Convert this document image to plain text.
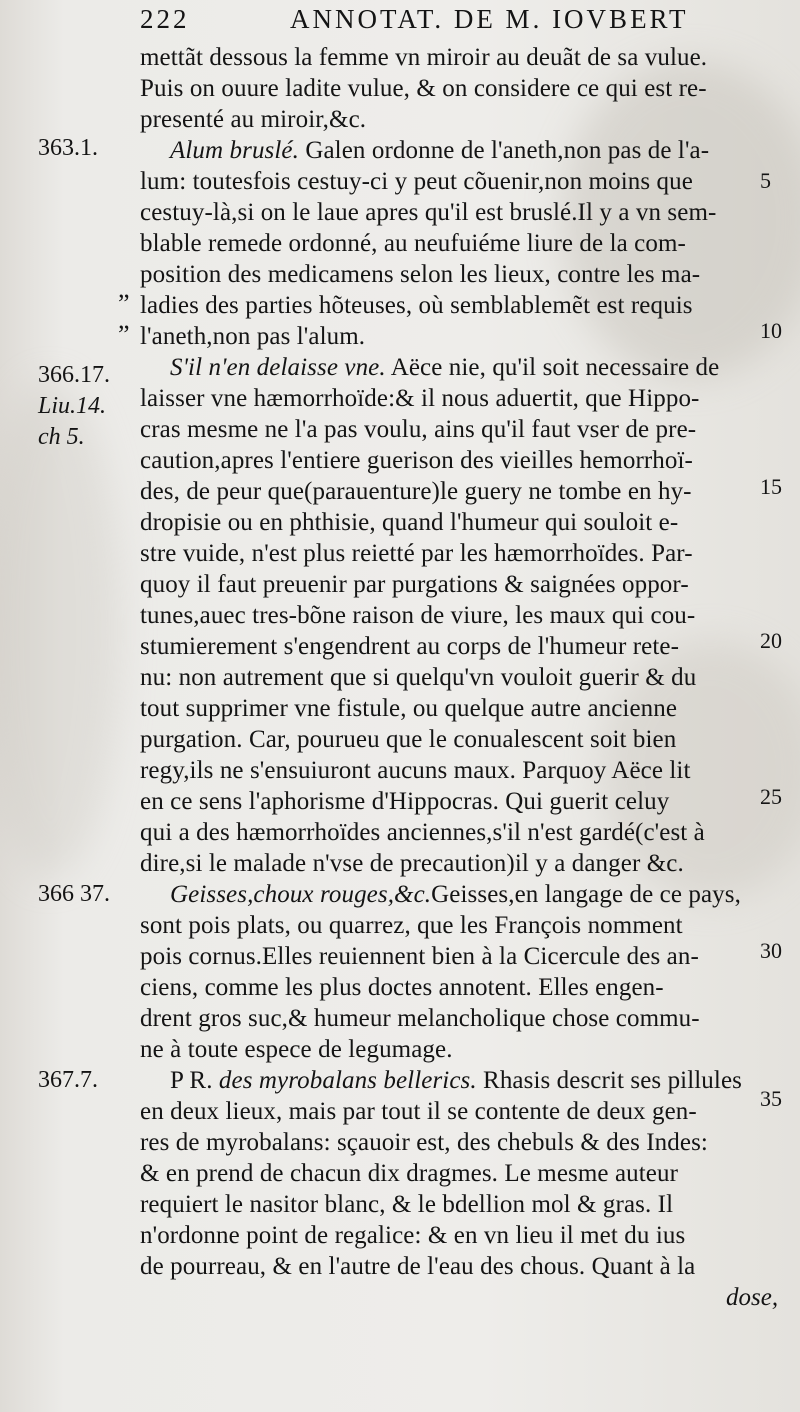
222	ANNOTAT. DE M. IOVBERT
363.1.
366.17.
Liu.14.
ch 5.
366 37.
367.7.
„
„
5
10
15
20
25
30
35
mettãt dessous la femme vn miroir au deuãt de sa vulue.
Puis on ouure ladite vulue, & on considere ce qui est re-
presenté au miroir,&c.
Alum bruslé. Galen ordonne de l'aneth,non pas de l'a-
lum: toutesfois cestuy-ci y peut cõuenir,non moins que
cestuy-là,si on le laue apres qu'il est bruslé.Il y a vn sem-
blable remede ordonné, au neufuiéme liure de la com-
position des medicamens selon les lieux, contre les ma-
ladies des parties hõteuses, où semblablemẽt est requis
l'aneth,non pas l'alum.
S'il n'en delaisse vne. Aëce nie, qu'il soit necessaire de
laisser vne hæmorrhoïde:& il nous aduertit, que Hippo-
cras mesme ne l'a pas voulu, ains qu'il faut vser de pre-
caution,apres l'entiere guerison des vieilles hemorrhoï-
des, de peur que(parauenture)le guery ne tombe en hy-
dropisie ou en phthisie, quand l'humeur qui souloit e-
stre vuide, n'est plus reietté par les hæmorrhoïdes. Par-
quoy il faut preuenir par purgations & saignées oppor-
tunes,auec tres-bõne raison de viure, les maux qui cou-
stumierement s'engendrent au corps de l'humeur rete-
nu: non autrement que si quelqu'vn vouloit guerir & du
tout supprimer vne fistule, ou quelque autre ancienne
purgation. Car, pourueu que le conualescent soit bien
regy,ils ne s'ensuiuront aucuns maux. Parquoy Aëce lit
en ce sens l'aphorisme d'Hippocras. Qui guerit celuy
qui a des hæmorrhoïdes anciennes,s'il n'est gardé(c'est à
dire,si le malade n'vse de precaution)il y a danger &c.
Geisses,choux rouges,&c.Geisses,en langage de ce pays,
sont pois plats, ou quarrez, que les François nomment
pois cornus.Elles reuiennent bien à la Cicercule des an-
ciens, comme les plus doctes annotent. Elles engen-
drent gros suc,& humeur melancholique chose commu-
ne à toute espece de legumage.
P R. des myrobalans bellerics. Rhasis descrit ses pillules
en deux lieux, mais par tout il se contente de deux gen-
res de myrobalans: sçauoir est, des chebuls & des Indes:
& en prend de chacun dix dragmes. Le mesme auteur
requiert le nasitor blanc, & le bdellion mol & gras. Il
n'ordonne point de regalice: & en vn lieu il met du ius
de pourreau, & en l'autre de l'eau des chous. Quant à la
dose,
